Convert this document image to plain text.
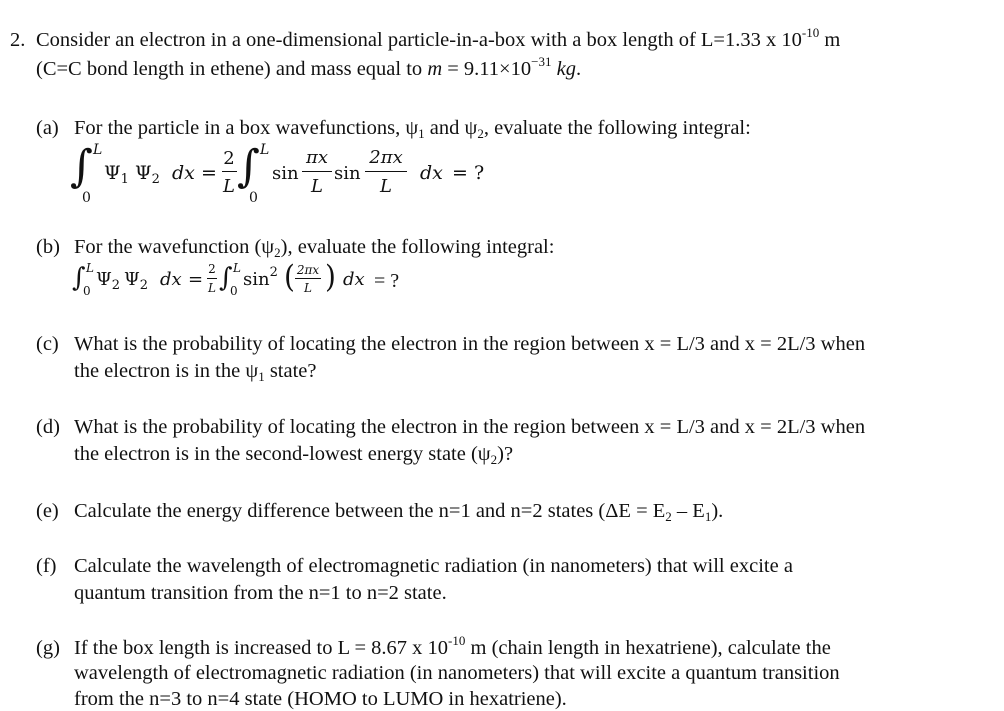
2. Consider an electron in a one-dimensional particle-in-a-box with a box length of L=1.33 x $10^{-10}$ m
(C=C bond length in ethene) and mass equal to $m = 9.11\times 10^{-31}$ kg.
(a) For the particle in a box wavefunctions, $\psi_1$ and $\psi_2$, evaluate the following integral:
∫ L
0
$\Psi_1$ $\Psi_2$ dx =
2
L ∫ L
0
sin
πx
L
sin
2πx
L
dx = ?
(b) For the wavefunction $(\psi_2)$, evaluate the following integral:
∫ L
0
$\Psi_2$ $\Psi_2$ dx = 2
L ∫ L
0
$\sin^2$ ( 2πx
L ) dx = ?
(c) What is the probability of locating the electron in the region between x = L/3 and x = 2L/3 when
the electron is in the $\psi_1$ state?
(d) What is the probability of locating the electron in the region between x = L/3 and x = 2L/3 when
the electron is in the second-lowest energy state $(\psi_2)$?
(e) Calculate the energy difference between the n=1 and n=2 states $(\Delta E = E_2 - E_1)$.
(f) Calculate the wavelength of electromagnetic radiation (in nanometers) that will excite a
quantum transition from the n=1 to n=2 state.
(g) If the box length is increased to L = 8.67 x $10^{-10}$ m (chain length in hexatriene), calculate the
wavelength of electromagnetic radiation (in nanometers) that will excite a quantum transition
from the n=3 to n=4 state (HOMO to LUMO in hexatriene).
